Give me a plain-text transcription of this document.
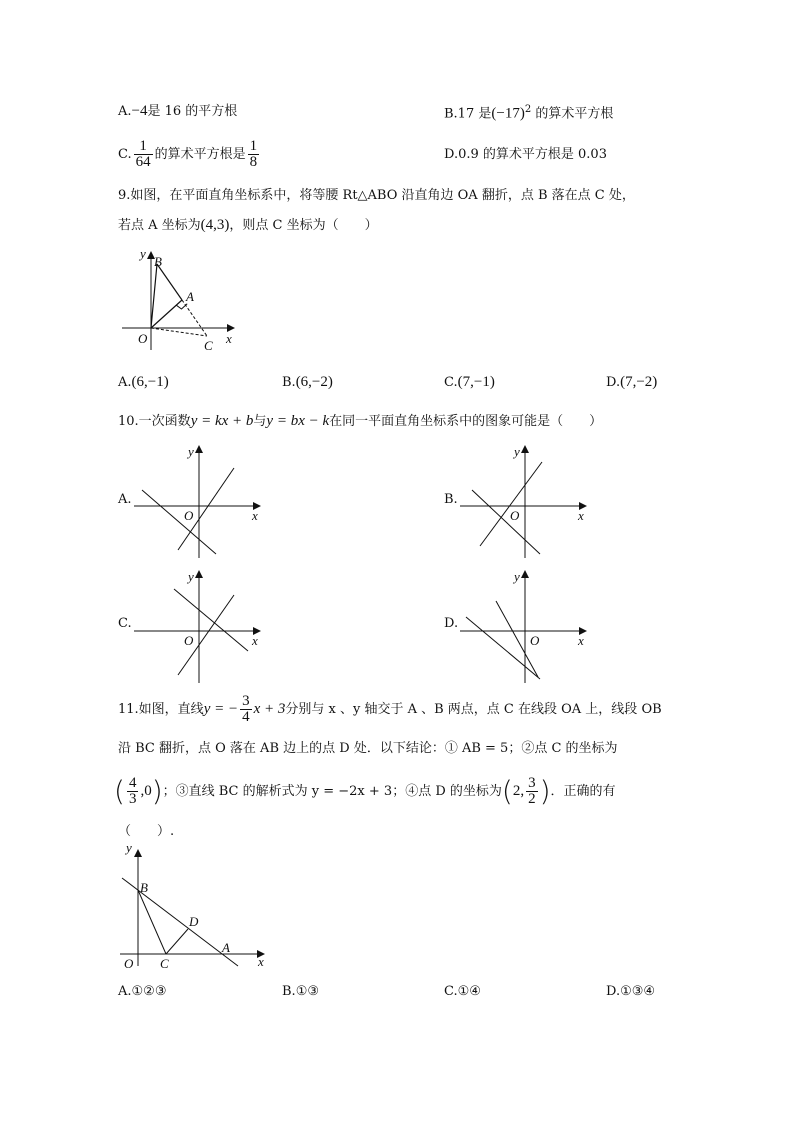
A.−4是 16 的平方根	B.17 是$(-17)^2$ 的算术平方根
C. $\frac{1}{64}$ 的算术平方根是 $\frac{1}{8}$	D.0.9 的算术平方根是 0.03
9.如图，在平面直角坐标系中，将等腰 Rt△ABO 沿直角边 OA 翻折，点 B 落在点 C 处，
若点 A 坐标为(4,3)，则点 C 坐标为（　　）
B
A
C
O
y
x
A.(6,−1)	B.(6,−2)	C.(7,−1)	D.(7,−2)
10.一次函数y = kx + b与y = bx − k在同一平面直角坐标系中的图象可能是（　　）
A.
O
y
x
B.
O
y
x
C.
O
y
x
D.
O
y
x
11.如图，直线y = − $\frac{3}{4}$ x + 3分别与 x 、y 轴交于 A 、B 两点，点 C 在线段 OA 上，线段 OB
沿 BC 翻折，点 O 落在 AB 边上的点 D 处．以下结论：① AB = 5；②点 C 的坐标为
( $\frac{4}{3} ,0$)；③直线 BC 的解析式为 y = −2x + 3；④点 D 的坐标为(2, $\frac{3}{2}$ )．正确的有
（　　）.
y
B
D
A
O C	x
A.①②③	B.①③	C.①④	D.①③④
